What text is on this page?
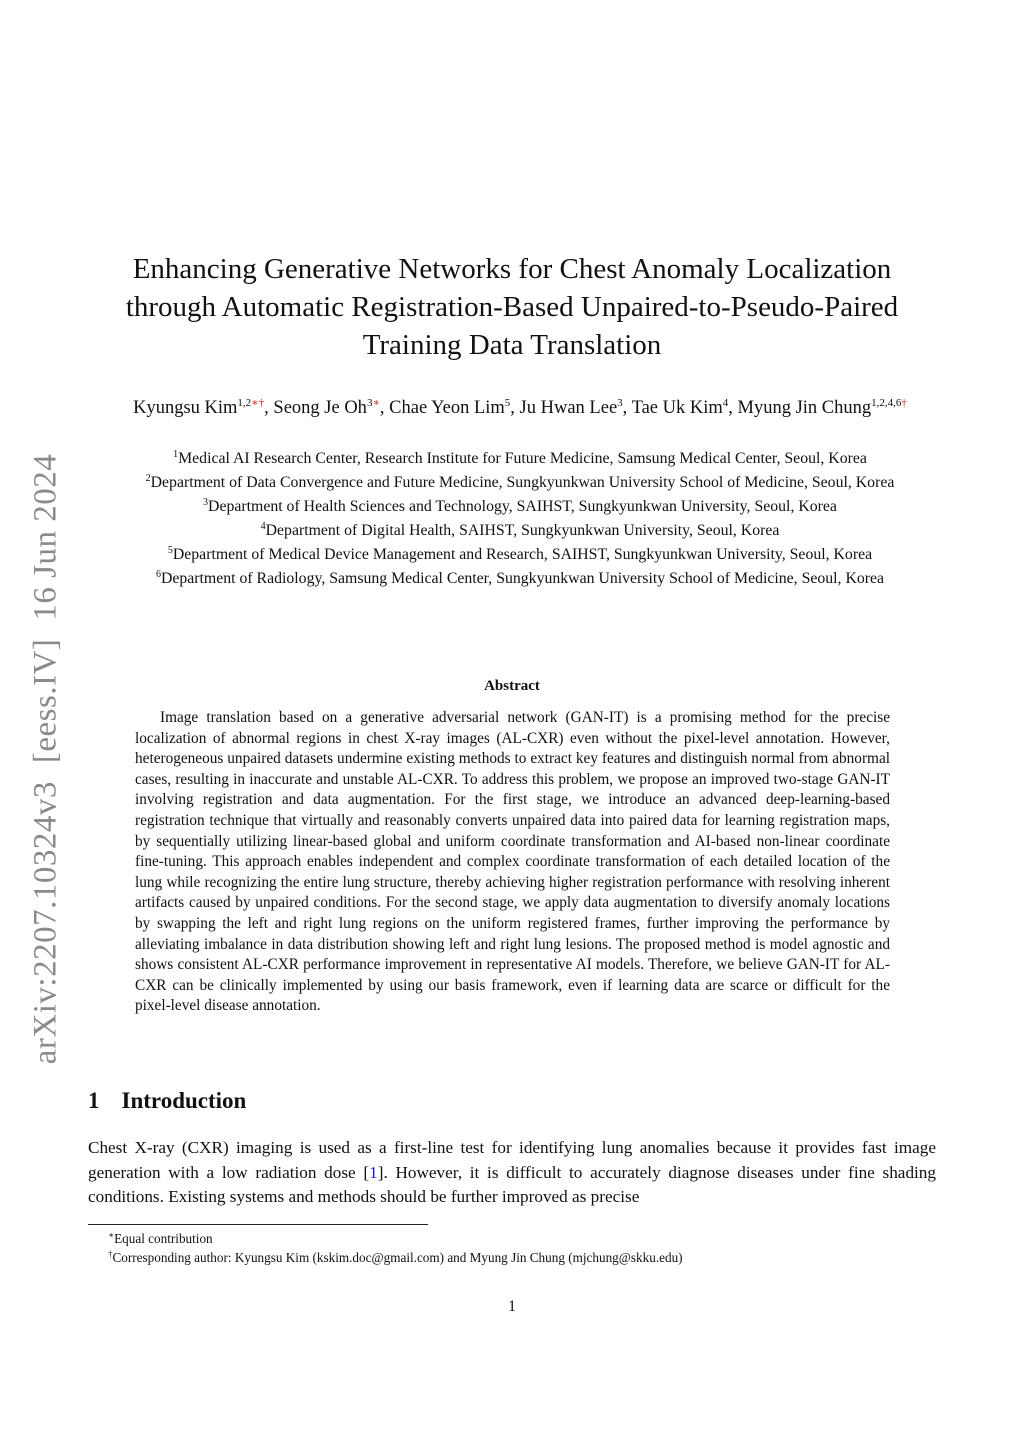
arXiv:2207.10324v3[eess.IV]16 Jun 2024
Enhancing Generative Networks for Chest Anomaly Localization
through Automatic Registration-Based Unpaired-to-Pseudo-Paired
Training Data Translation
Kyungsu Kim$^{1,2∗\dagger}$, Seong Je $Oh^{3∗}$, Chae Yeon Lim$^5$, Ju Hwan Lee$^3$, Tae Uk Kim$^4$, Myung Jin Chung$^{1,2,4,6\dagger}$
$^1$Medical AI Research Center, Research Institute for Future Medicine, Samsung Medical Center, Seoul, Korea
$^2$Department of Data Convergence and Future Medicine, Sungkyunkwan University School of Medicine, Seoul, Korea
$^3$Department of Health Sciences and Technology, SAIHST, Sungkyunkwan University, Seoul, Korea
$^4$Department of Digital Health, SAIHST, Sungkyunkwan University, Seoul, Korea
$^5$Department of Medical Device Management and Research, SAIHST, Sungkyunkwan University, Seoul, Korea
$^6$Department of Radiology, Samsung Medical Center, Sungkyunkwan University School of Medicine, Seoul, Korea
Abstract

Image translation based on a generative adversarial network (GAN-IT) is a promising method for the precise localization of abnormal regions in chest X-ray images (AL-CXR) even without the pixel-level annotation. However, heterogeneous unpaired datasets undermine existing methods to extract key features and distinguish normal from abnormal cases, resulting in inaccurate and unstable AL-CXR. To address this problem, we propose an improved two-stage GAN-IT involving registration and data augmentation. For the first stage, we introduce an advanced deep-learning-based registration technique that virtually and reasonably converts unpaired data into paired data for learning registration maps, by sequentially utilizing linear-based global and uniform coordinate transformation and AI-based non-linear coordinate fine-tuning. This approach enables independent and complex coordinate transformation of each detailed location of the lung while recognizing the entire lung structure, thereby achieving higher registration performance with resolving inherent artifacts caused by unpaired conditions. For the second stage, we apply data augmentation to diversify anomaly locations by swapping the left and right lung regions on the uniform registered frames, further improving the performance by alleviating imbalance in data distribution showing left and right lung lesions. The proposed method is model agnostic and shows consistent AL-CXR performance improvement in representative AI models. Therefore, we believe GAN-IT for AL-CXR can be clinically implemented by using our basis framework, even if learning data are scarce or difficult for the pixel-level disease annotation.

1 Introduction

Chest X-ray (CXR) imaging is used as a first-line test for identifying lung anomalies because it provides fast image generation with a low radiation dose [1]. However, it is difficult to accurately diagnose diseases under fine shading conditions. Existing systems and methods should be further improved as precise

∗Equal contribution
†Corresponding author: Kyungsu Kim (kskim.doc@gmail.com) and Myung Jin Chung (mjchung@skku.edu)
1
